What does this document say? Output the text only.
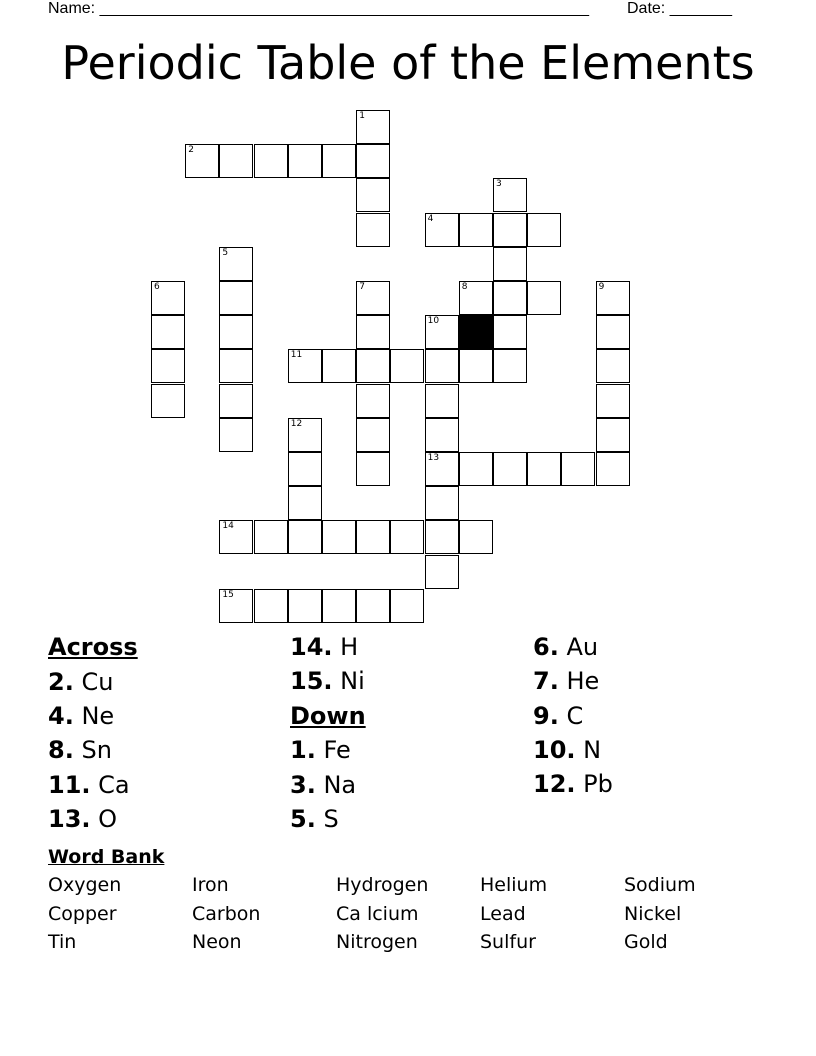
Name: _______________________________________________________ Date: _______
Periodic Table of the Elements
1
2
3
4
5
6	7	8	9
10
13
11
12
14
15
Across
2. Cu
4. Ne
8. Sn
11. Ca
13. O
14. H
15. Ni
Down
1. Fe
3. Na
5. S
6. Au
7. He
9. C
10. N
12. Pb
Word Bank
Oxygen	Iron	Hydrogen	Helium	Sodium
Copper	Carbon	Ca lcium	Lead	Nickel
Tin	Neon	Nitrogen	Sulfur	Gold
